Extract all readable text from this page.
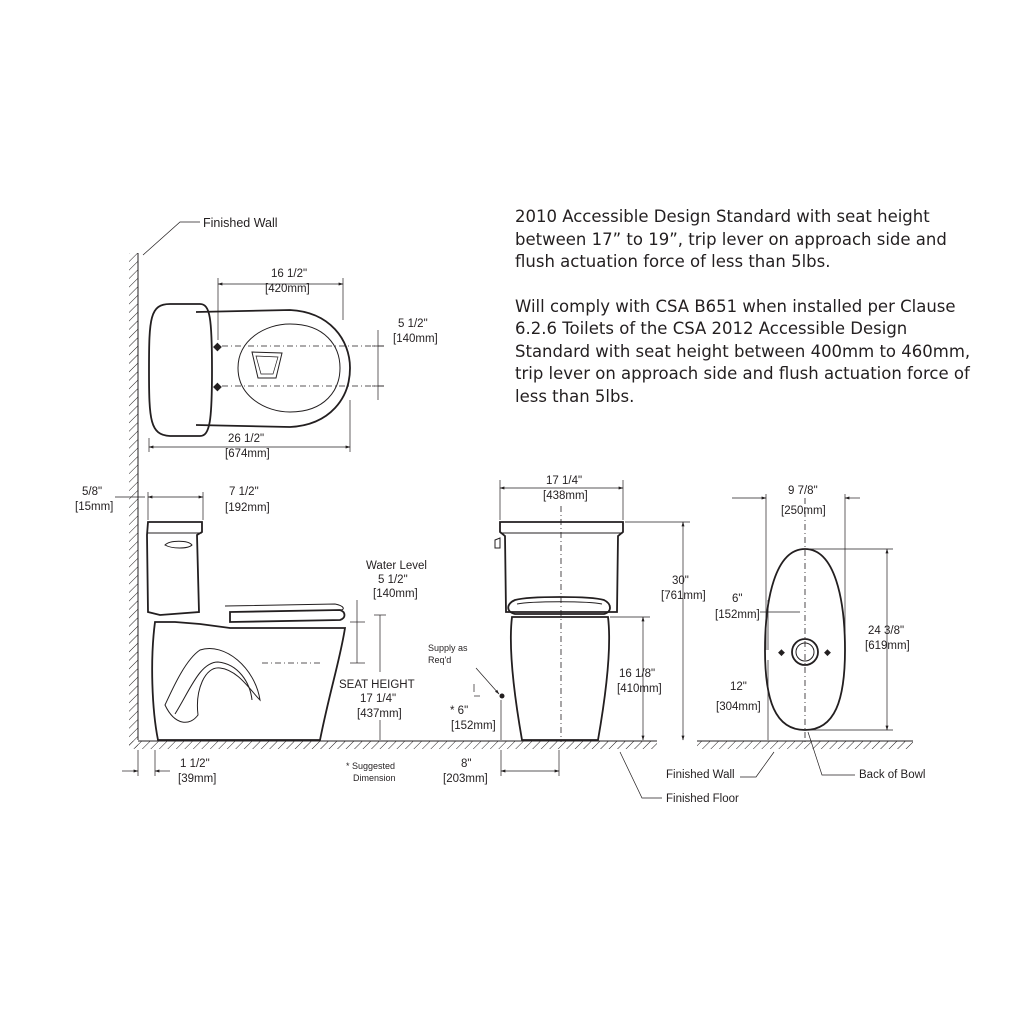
2010 Accessible Design Standard with seat height
between 17” to 19”, trip lever on approach side and
flush actuation force of less than 5lbs.

Will comply with CSA B651 when installed per Clause
6.2.6 Toilets of the CSA 2012 Accessible Design
Standard with seat height between 400mm to 460mm,
trip lever on approach side and flush actuation force of
less than 5lbs.

Finished Wall
◆
◆
16 1/2"
[420mm]
5 1/2"
[140mm]
26 1/2"
[674mm]
5/8"
[15mm]
7 1/2"
[192mm]
Water Level
5 1/2"
[140mm]
SEAT HEIGHT
17 1/4"
[437mm]
1 1/2"
[39mm]
* Suggested
Dimension
Supply as
Req'd
* 6"
[152mm]
8"
[203mm]
17 1/4"
[438mm]
30"
[761mm]
16 1/8"
[410mm]
Finished Floor
◆	◆
9 7/8"
[250mm]
24 3/8"
[619mm]
6"
[152mm]
12"
[304mm]
Finished Wall	Back of Bowl
